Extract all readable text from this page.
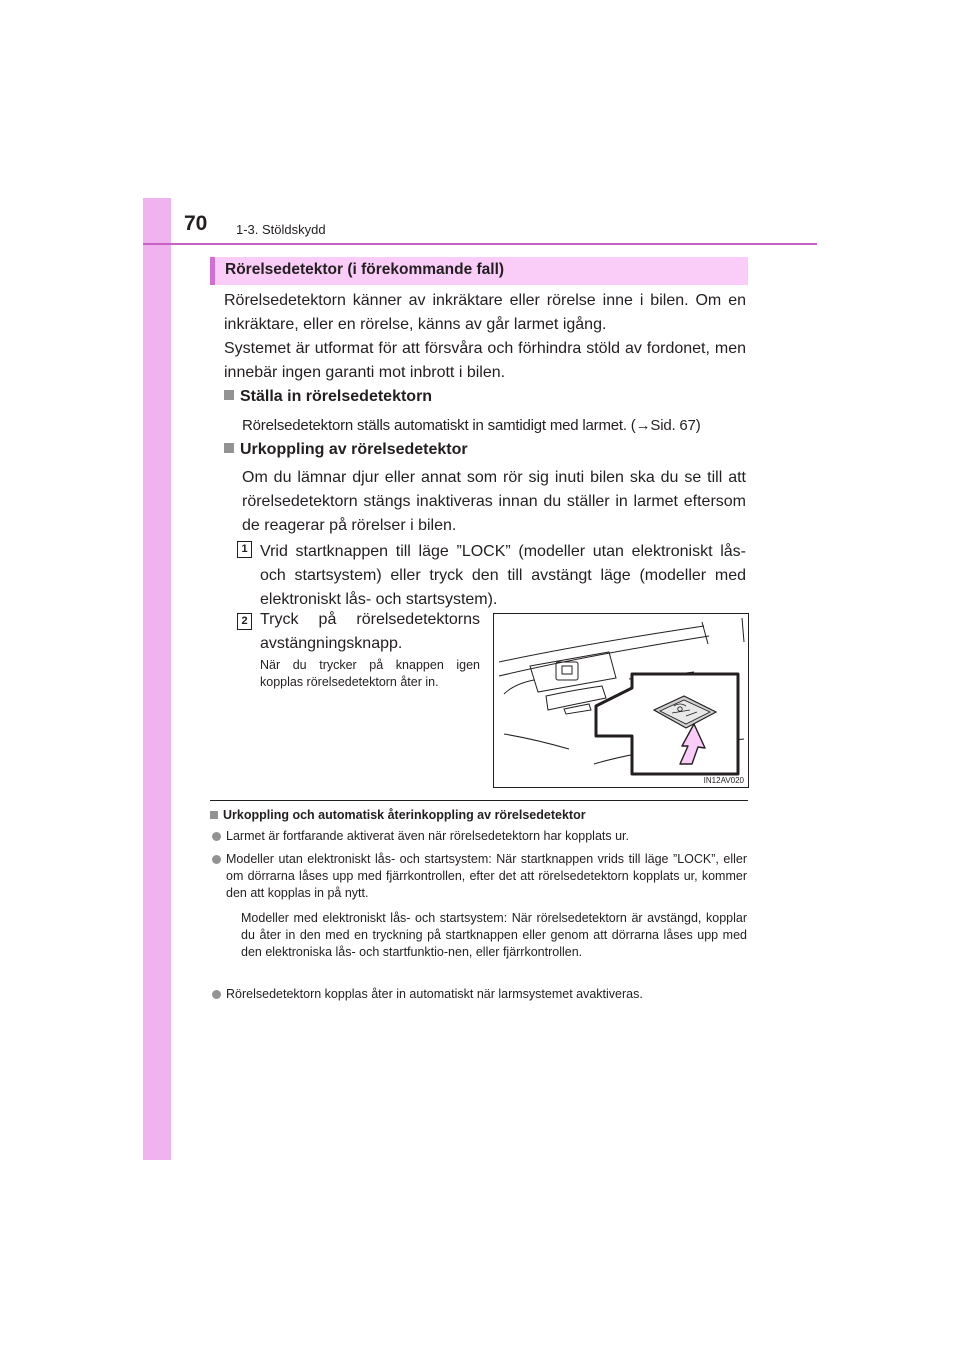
70 1-3. Stöldskydd
Rörelsedetektor (i förekommande fall)
Rörelsedetektorn känner av inkräktare eller rörelse inne i bilen. Om en inkräktare, eller en rörelse, känns av går larmet igång.
Systemet är utformat för att försvåra och förhindra stöld av fordonet, men innebär ingen garanti mot inbrott i bilen.
Ställa in rörelsedetektorn
Rörelsedetektorn ställs automatiskt in samtidigt med larmet. (→Sid. 67)
Urkoppling av rörelsedetektor
Om du lämnar djur eller annat som rör sig inuti bilen ska du se till att rörelsedetektorn stängs inaktiveras innan du ställer in larmet eftersom de reagerar på rörelser i bilen.
1 Vrid startknappen till läge ”LOCK” (modeller utan elektroniskt lås- och startsystem) eller tryck den till avstängt läge (modeller med elektroniskt lås- och startsystem).
2 Tryck på rörelsedetektorns avstängningsknapp.
När du trycker på knappen igen kopplas rörelsedetektorn åter in.
IN12AV020
Urkoppling och automatisk återinkoppling av rörelsedetektor
Larmet är fortfarande aktiverat även när rörelsedetektorn har kopplats ur.
Modeller utan elektroniskt lås- och startsystem: När startknappen vrids till läge ”LOCK”, eller om dörrarna låses upp med fjärrkontrollen, efter det att rörelsedetektorn kopplats ur, kommer den att kopplas in på nytt.
Modeller med elektroniskt lås- och startsystem: När rörelsedetektorn är avstängd, kopplar du åter in den med en tryckning på startknappen eller genom att dörrarna låses upp med den elektroniska lås- och startfunktio-nen, eller fjärrkontrollen.
Rörelsedetektorn kopplas åter in automatiskt när larmsystemet avaktiveras.
